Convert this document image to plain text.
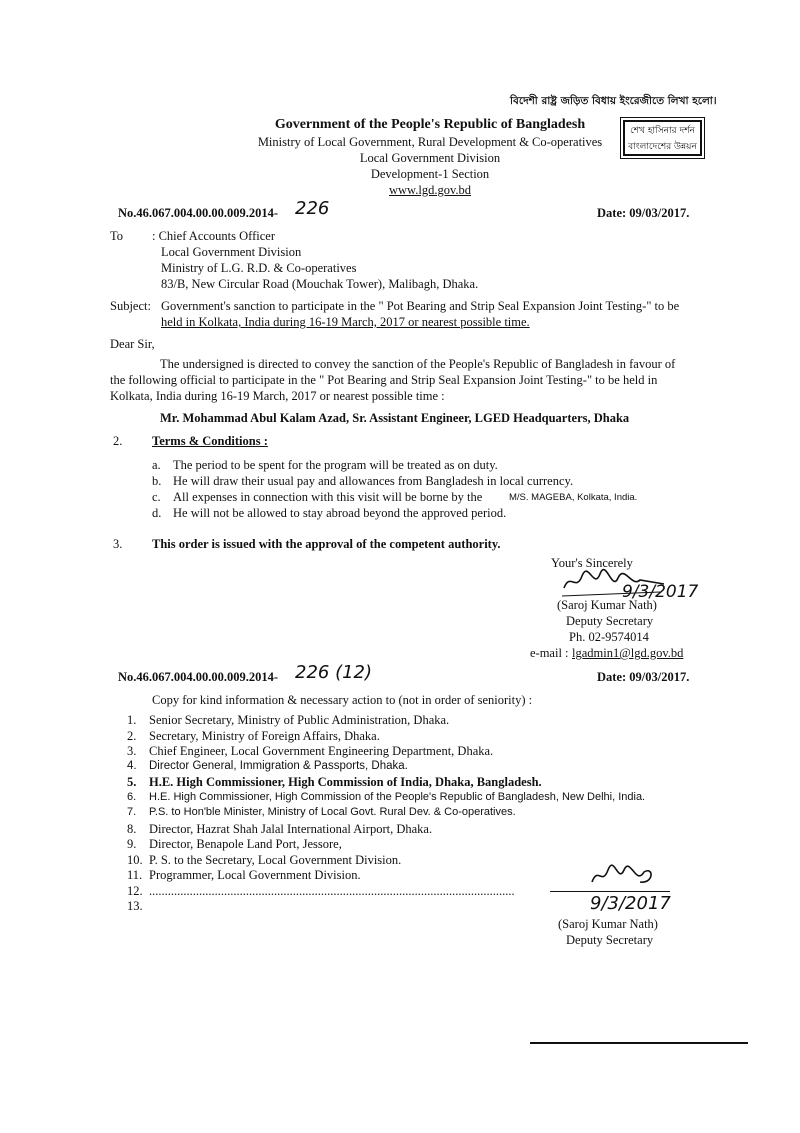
বিদেশী রাষ্ট্র জড়িত বিধায় ইংরেজীতে লিখা হলো।
শেখ হাসিনার দর্শন
বাংলাদেশের উন্নয়ন
Government of the People's Republic of Bangladesh
Ministry of Local Government, Rural Development & Co-operatives
Local Government Division
Development-1 Section
www.lgd.gov.bd
No.46.067.004.00.00.009.2014- 226	Date: 09/03/2017.
To : Chief Accounts Officer
Local Government Division
Ministry of L.G. R.D. & Co-operatives
83/B, New Circular Road (Mouchak Tower), Malibagh, Dhaka.
Subject: Government's sanction to participate in the " Pot Bearing and Strip Seal Expansion Joint Testing-" to be
held in Kolkata, India during 16-19 March, 2017 or nearest possible time.
Dear Sir,
The undersigned is directed to convey the sanction of the People's Republic of Bangladesh in favour of
the following official to participate in the " Pot Bearing and Strip Seal Expansion Joint Testing-" to be held in
Kolkata, India during 16-19 March, 2017 or nearest possible time :
Mr. Mohammad Abul Kalam Azad, Sr. Assistant Engineer, LGED Headquarters, Dhaka
2. Terms & Conditions :
a. The period to be spent for the program will be treated as on duty.
b. He will draw their usual pay and allowances from Bangladesh in local currency.
c. All expenses in connection with this visit will be borne by the	M/S. MAGEBA, Kolkata, India.
d. He will not be allowed to stay abroad beyond the approved period.
3. This order is issued with the approval of the competent authority.
Your's Sincerely
9/3/2017
(Saroj Kumar Nath)
Deputy Secretary
Ph. 02-9574014
e-mail : lgadmin1@lgd.gov.bd
No.46.067.004.00.00.009.2014- 226 (12)	Date: 09/03/2017.
Copy for kind information & necessary action to (not in order of seniority) :
1. Senior Secretary, Ministry of Public Administration, Dhaka.
2. Secretary, Ministry of Foreign Affairs, Dhaka.
3. Chief Engineer, Local Government Engineering Department, Dhaka.
4. Director General, Immigration & Passports, Dhaka.
5. H.E. High Commissioner, High Commission of India, Dhaka, Bangladesh.
6. H.E. High Commissioner, High Commission of the People's Republic of Bangladesh, New Delhi, India.
7. P.S. to Hon'ble Minister, Ministry of Local Govt. Rural Dev. & Co-operatives.
8. Director, Hazrat Shah Jalal International Airport, Dhaka.
9. Director, Benapole Land Port, Jessore,
10. P. S. to the Secretary, Local Government Division.
11. Programmer, Local Government Division.
12. .....................................................................................................................
13.	9/3/2017
(Saroj Kumar Nath)
Deputy Secretary
